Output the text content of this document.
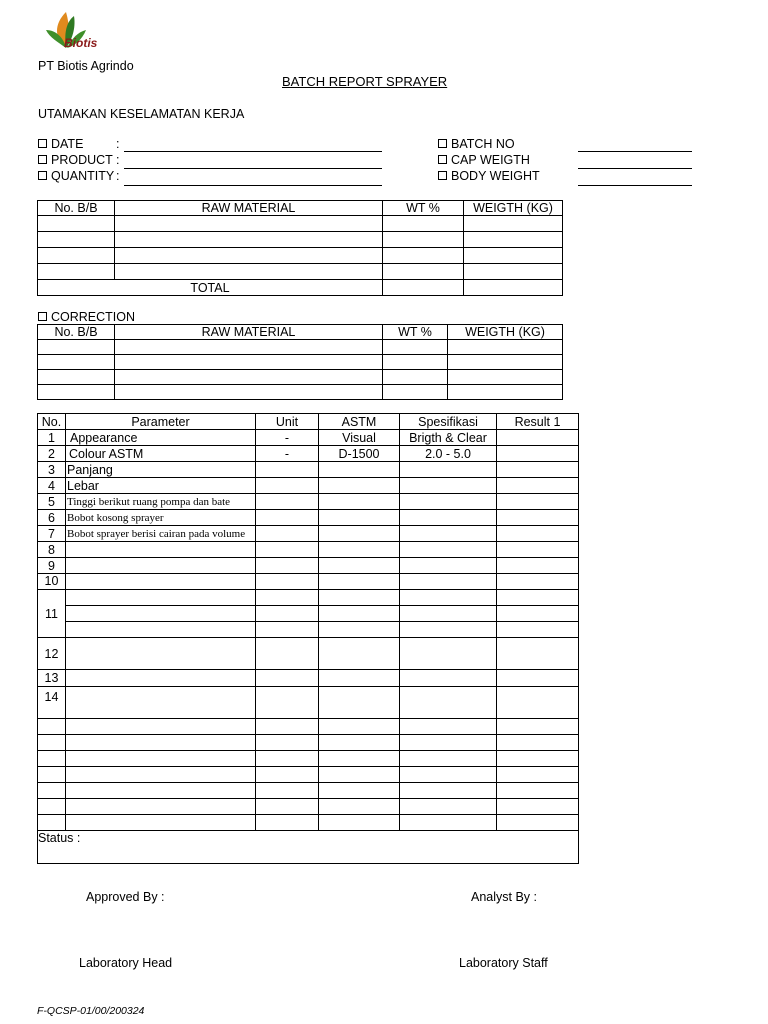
Biotis
PT Biotis Agrindo
BATCH REPORT SPRAYER
UTAMAKAN KESELAMATAN KERJA
DATE	:
PRODUCT :
QUANTITY :
BATCH NO
CAP WEIGTH
BODY WEIGHT
No. B/B	RAW MATERIAL	WT %	WEIGTH (KG)

TOTAL			
CORRECTION
No. B/B	RAW MATERIAL	WT %	WEIGTH (KG)

No.	Parameter	Unit	ASTM	Spesifikasi	Result 1
1	Appearance	-	Visual	Brigth & Clear	
2	Colour ASTM	-	D-1500	2.0 - 5.0	
3	Panjang				
4	Lebar				
5	Tinggi berikut ruang pompa dan bate				
6	Bobot kosong sprayer				
7	Bobot sprayer berisi cairan pada volume				
8					
9					
10					
11					

12					
13					
14					

Status :					
Approved By :	Analyst By :
Laboratory Head	Laboratory Staff
F-QCSP-01/00/200324
